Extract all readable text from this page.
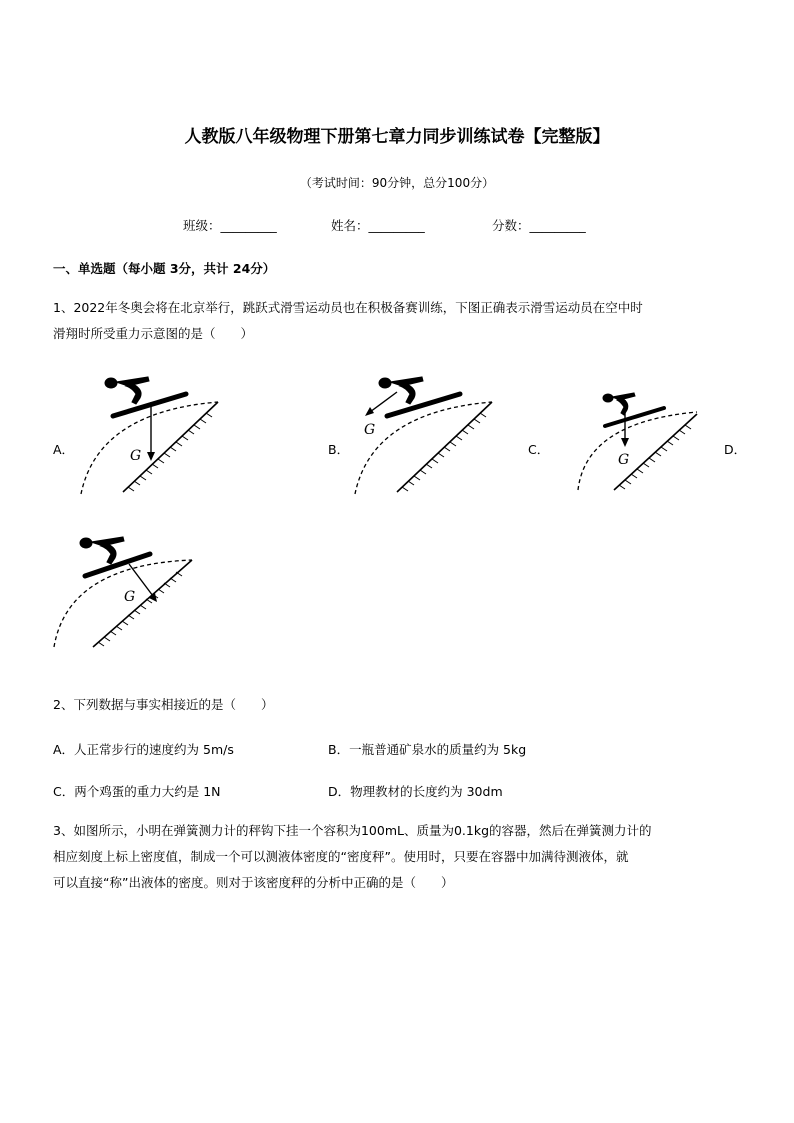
人教版八年级物理下册第七章力同步训练试卷【完整版】
（考试时间：90分钟，总分100分）
班级：_________	姓名：_________	分数：_________
一、单选题（每小题 3分，共计 24分）
1、2022年冬奥会将在北京举行，跳跃式滑雪运动员也在积极备赛训练，下图正确表示滑雪运动员在空中时
滑翔时所受重力示意图的是（　　）
A．	B．	C．	D．
G
G
G
G
2、下列数据与事实相接近的是（　　）
A．人正常步行的速度约为 5m/s	B．一瓶普通矿泉水的质量约为 5kg
C．两个鸡蛋的重力大约是 1N	D．物理教材的长度约为 30dm
3、如图所示，小明在弹簧测力计的秤钩下挂一个容积为100mL、质量为0.1kg的容器，然后在弹簧测力计的
相应刻度上标上密度值，制成一个可以测液体密度的“密度秤”。使用时，只要在容器中加满待测液体，就
可以直接“称”出液体的密度。则对于该密度秤的分析中正确的是（　　）
